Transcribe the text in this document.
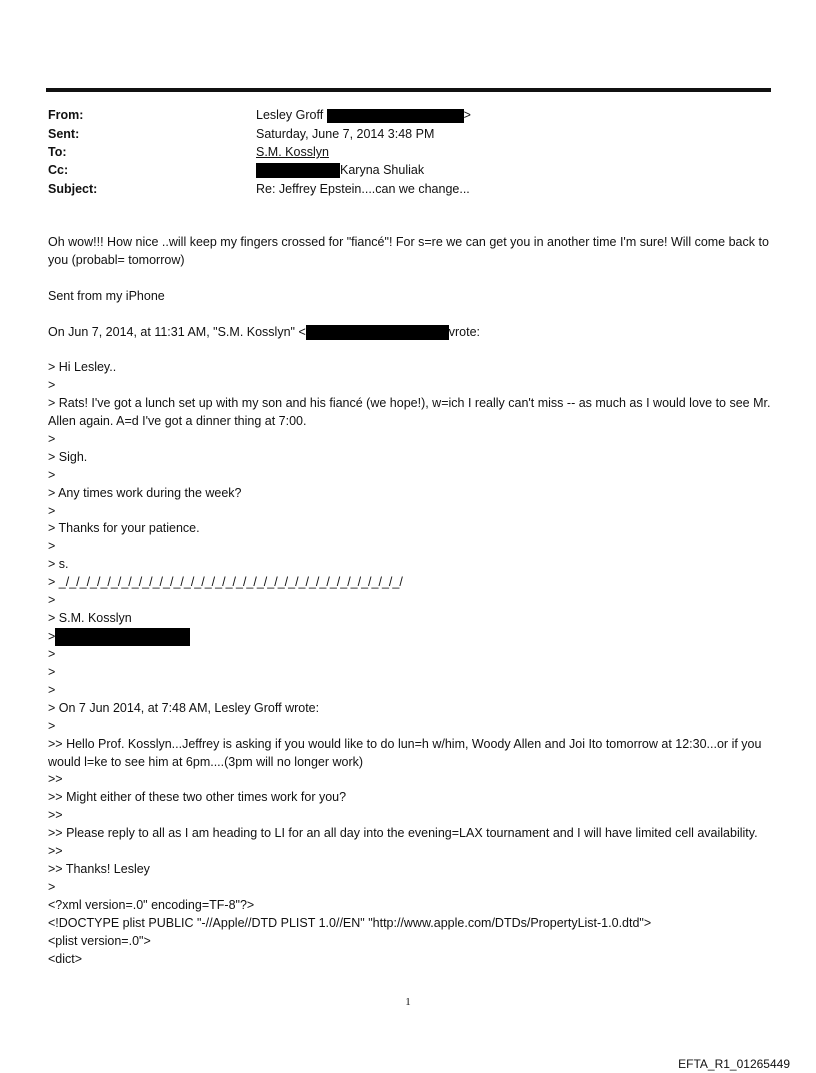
From:	Lesley Groff	>
Sent:	Saturday, June 7, 2014 3:48 PM
To:	S.M. Kosslyn
Cc:	Karyna Shuliak
Subject:	Re: Jeffrey Epstein....can we change...

Oh wow!!! How nice ..will keep my fingers crossed for "fiancé"! For s=re we can get you in another time I'm sure! Will come back to you (probabl= tomorrow)

Sent from my iPhone

On Jun 7, 2014, at 11:31 AM, "S.M. Kosslyn" <	vrote:

> Hi Lesley..

>

> Rats! I've got a lunch set up with my son and his fiancé (we hope!), w=ich I really can't miss -- as much as I would love to see Mr. Allen again. A=d I've got a dinner thing at 7:00.

>

> Sigh.

>

> Any times work during the week?

>

> Thanks for your patience.

>

> s.

> _/_/_/_/_/_/_/_/_/_/_/_/_/_/_/_/_/_/_/_/_/_/_/_/_/_/_/_/_/_/_/_/_/

>

> S.M. Kosslyn

>

>

>

>

> On 7 Jun 2014, at 7:48 AM, Lesley Groff wrote:

>

>> Hello Prof. Kosslyn...Jeffrey is asking if you would like to do lun=h w/him, Woody Allen and Joi Ito tomorrow at 12:30...or if you would l=ke to see him at 6pm....(3pm will no longer work)

>>

>> Might either of these two other times work for you?

>>

>> Please reply to all as I am heading to LI for an all day into the evening=LAX tournament and I will have limited cell availability.

>>

>> Thanks! Lesley

>

<?xml version=.0" encoding=TF-8"?>

<!DOCTYPE plist PUBLIC "-//Apple//DTD PLIST 1.0//EN" "http://www.apple.com/DTDs/PropertyList-1.0.dtd">

<plist version=.0">

<dict>

1
EFTA_R1_01265449
